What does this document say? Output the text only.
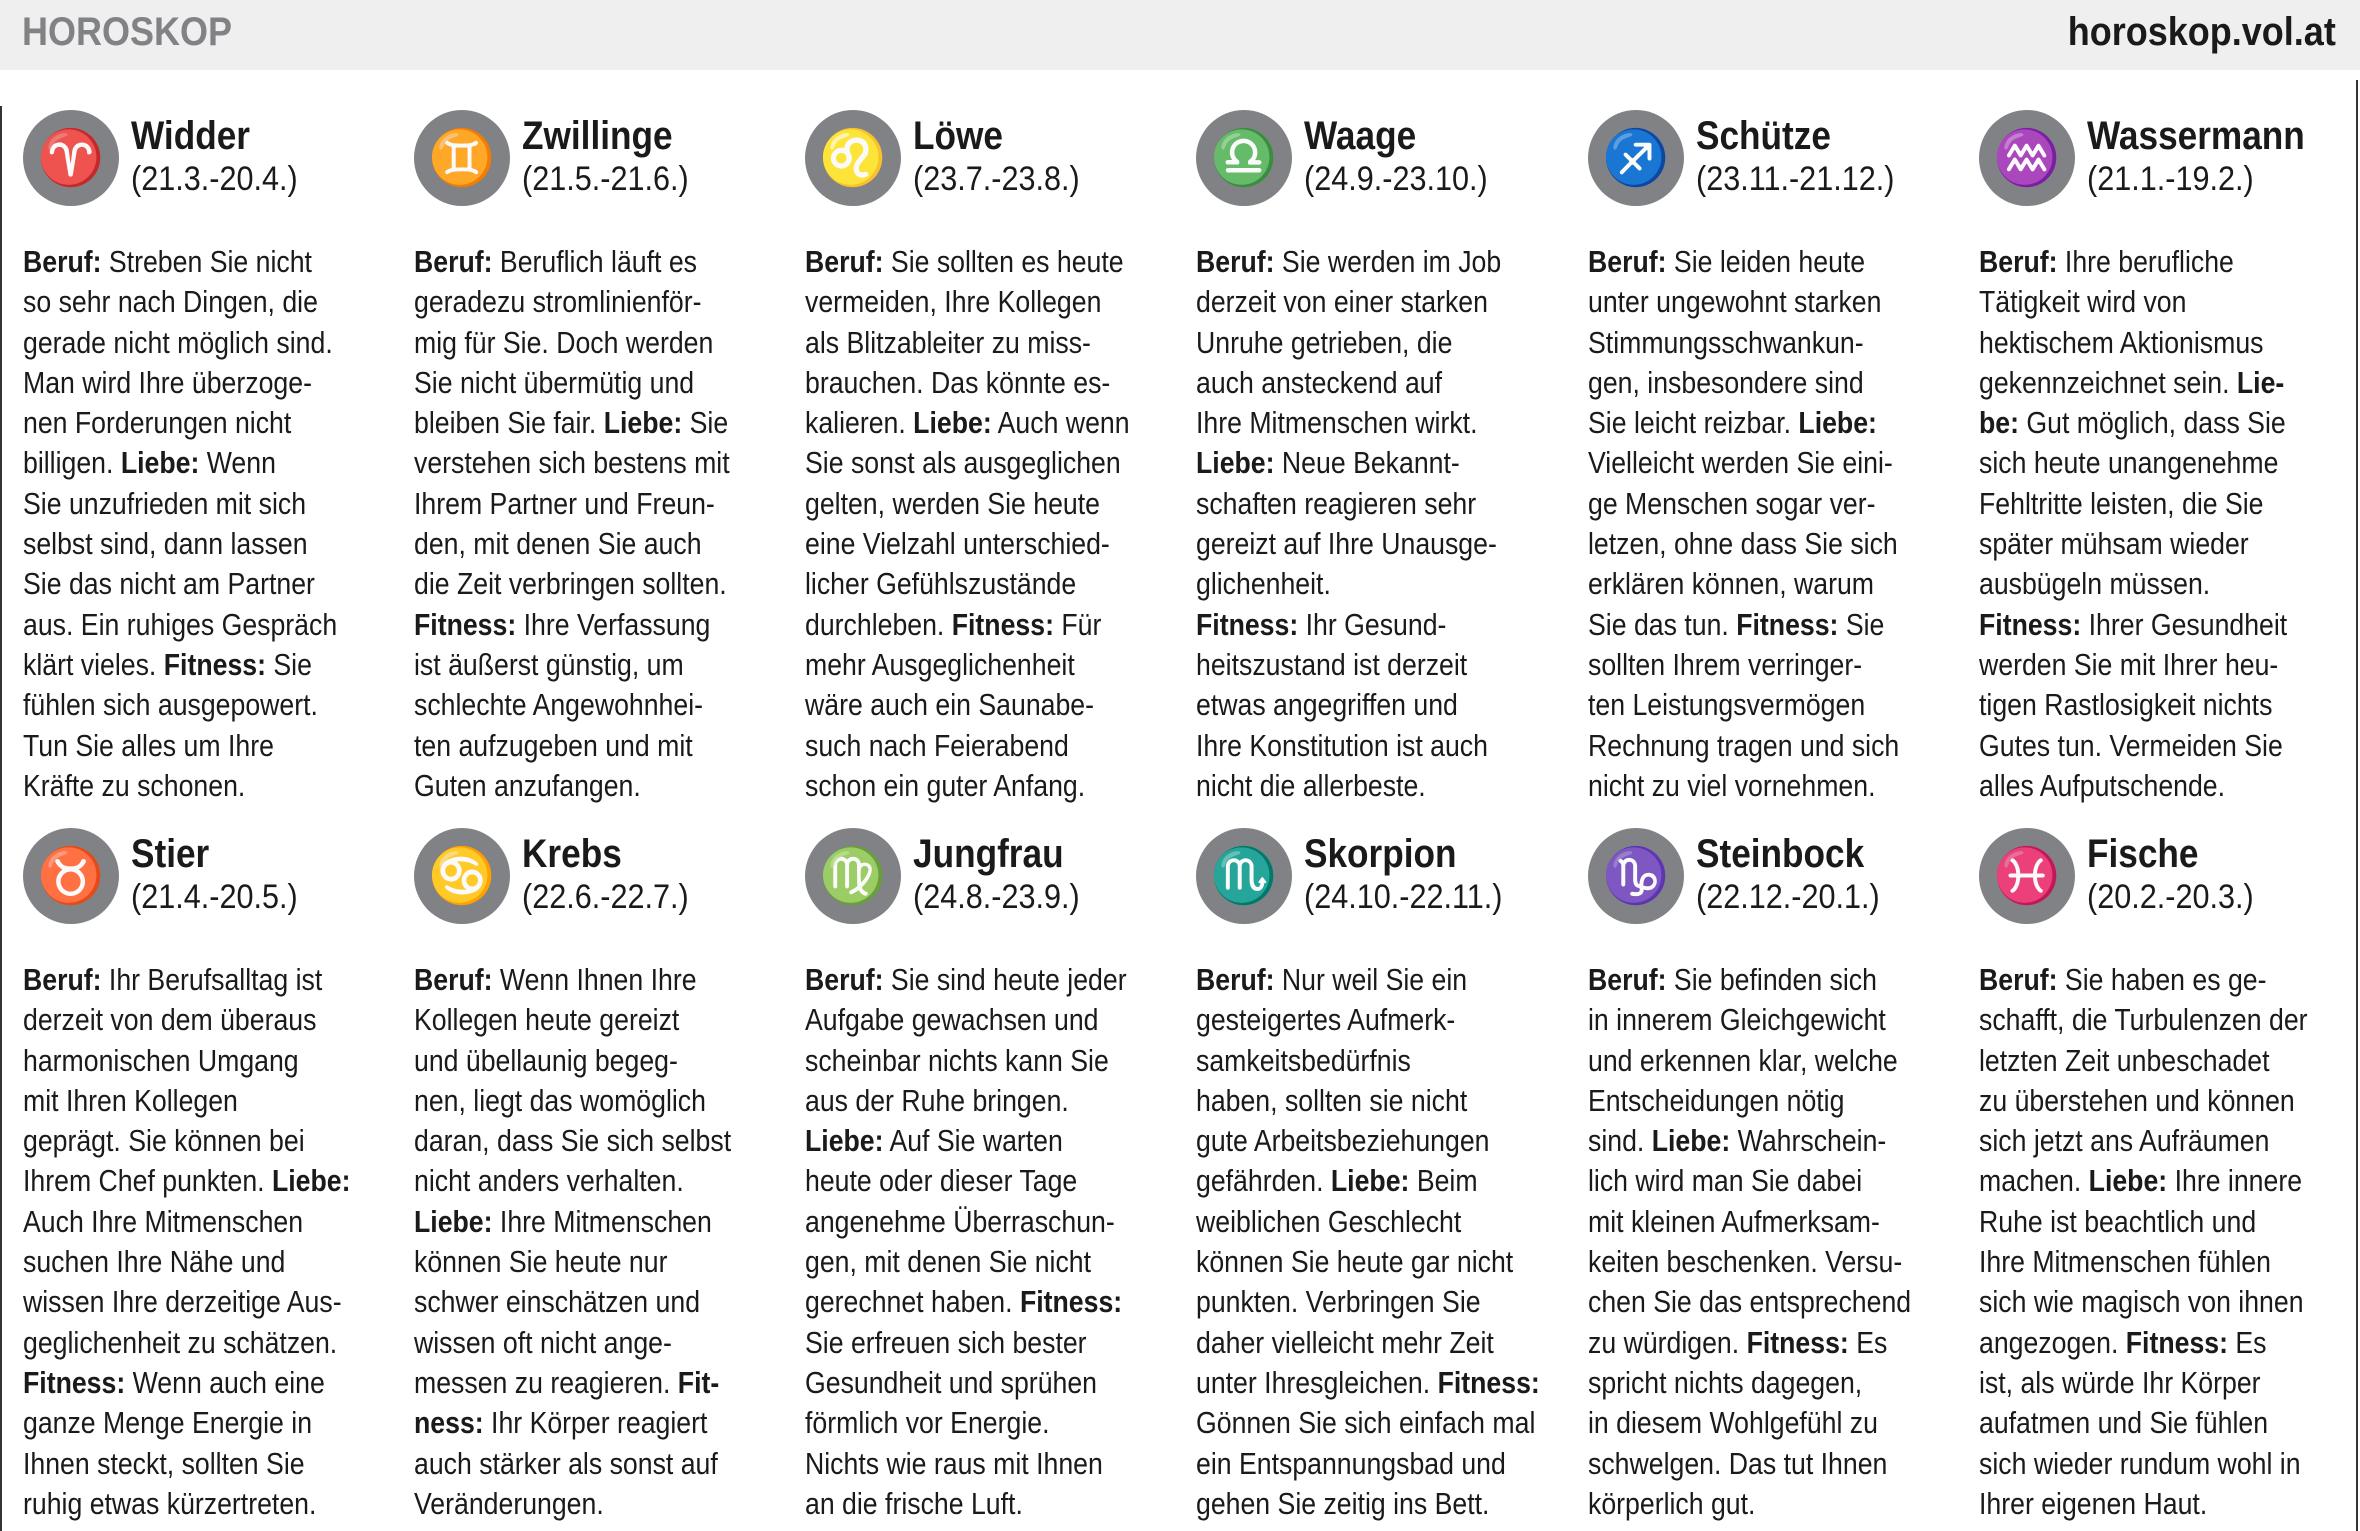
HOROSKOP	horoskop.vol.at
♈ Widder
(21.3.-20.4.)
Beruf: Streben Sie nicht
so sehr nach Dingen, die
gerade nicht möglich sind.
Man wird Ihre überzoge-
nen Forderungen nicht
billigen. Liebe: Wenn
Sie unzufrieden mit sich
selbst sind, dann lassen
Sie das nicht am Partner
aus. Ein ruhiges Gespräch
klärt vieles. Fitness: Sie
fühlen sich ausgepowert.
Tun Sie alles um Ihre
Kräfte zu schonen.
♊ Zwillinge
(21.5.-21.6.)
Beruf: Beruflich läuft es
geradezu stromlinienför-
mig für Sie. Doch werden
Sie nicht übermütig und
bleiben Sie fair. Liebe: Sie
verstehen sich bestens mit
Ihrem Partner und Freun-
den, mit denen Sie auch
die Zeit verbringen sollten.
Fitness: Ihre Verfassung
ist äußerst günstig, um
schlechte Angewohnhei-
ten aufzugeben und mit
Guten anzufangen.
♌ Löwe
(23.7.-23.8.)
Beruf: Sie sollten es heute
vermeiden, Ihre Kollegen
als Blitzableiter zu miss-
brauchen. Das könnte es-
kalieren. Liebe: Auch wenn
Sie sonst als ausgeglichen
gelten, werden Sie heute
eine Vielzahl unterschied-
licher Gefühlszustände
durchleben. Fitness: Für
mehr Ausgeglichenheit
wäre auch ein Saunabe-
such nach Feierabend
schon ein guter Anfang.
♎ Waage
(24.9.-23.10.)
Beruf: Sie werden im Job
derzeit von einer starken
Unruhe getrieben, die
auch ansteckend auf
Ihre Mitmenschen wirkt.
Liebe: Neue Bekannt-
schaften reagieren sehr
gereizt auf Ihre Unausge-
glichenheit.
Fitness: Ihr Gesund-
heitszustand ist derzeit
etwas angegriffen und
Ihre Konstitution ist auch
nicht die allerbeste.
♐ Schütze
(23.11.-21.12.)
Beruf: Sie leiden heute
unter ungewohnt starken
Stimmungsschwankun-
gen, insbesondere sind
Sie leicht reizbar. Liebe:
Vielleicht werden Sie eini-
ge Menschen sogar ver-
letzen, ohne dass Sie sich
erklären können, warum
Sie das tun. Fitness: Sie
sollten Ihrem verringer-
ten Leistungsvermögen
Rechnung tragen und sich
nicht zu viel vornehmen.
♒ Wassermann
(21.1.-19.2.)
Beruf: Ihre berufliche
Tätigkeit wird von
hektischem Aktionismus
gekennzeichnet sein. Lie-
be: Gut möglich, dass Sie
sich heute unangenehme
Fehltritte leisten, die Sie
später mühsam wieder
ausbügeln müssen.
Fitness: Ihrer Gesundheit
werden Sie mit Ihrer heu-
tigen Rastlosigkeit nichts
Gutes tun. Vermeiden Sie
alles Aufputschende.
♉ Stier
(21.4.-20.5.)
Beruf: Ihr Berufsalltag ist
derzeit von dem überaus
harmonischen Umgang
mit Ihren Kollegen
geprägt. Sie können bei
Ihrem Chef punkten. Liebe:
Auch Ihre Mitmenschen
suchen Ihre Nähe und
wissen Ihre derzeitige Aus-
geglichenheit zu schätzen.
Fitness: Wenn auch eine
ganze Menge Energie in
Ihnen steckt, sollten Sie
ruhig etwas kürzertreten.
♋ Krebs
(22.6.-22.7.)
Beruf: Wenn Ihnen Ihre
Kollegen heute gereizt
und übellaunig begeg-
nen, liegt das womöglich
daran, dass Sie sich selbst
nicht anders verhalten.
Liebe: Ihre Mitmenschen
können Sie heute nur
schwer einschätzen und
wissen oft nicht ange-
messen zu reagieren. Fit-
ness: Ihr Körper reagiert
auch stärker als sonst auf
Veränderungen.
♍ Jungfrau
(24.8.-23.9.)
Beruf: Sie sind heute jeder
Aufgabe gewachsen und
scheinbar nichts kann Sie
aus der Ruhe bringen.
Liebe: Auf Sie warten
heute oder dieser Tage
angenehme Überraschun-
gen, mit denen Sie nicht
gerechnet haben. Fitness:
Sie erfreuen sich bester
Gesundheit und sprühen
förmlich vor Energie.
Nichts wie raus mit Ihnen
an die frische Luft.
♏ Skorpion
(24.10.-22.11.)
Beruf: Nur weil Sie ein
gesteigertes Aufmerk-
samkeitsbedürfnis
haben, sollten sie nicht
gute Arbeitsbeziehungen
gefährden. Liebe: Beim
weiblichen Geschlecht
können Sie heute gar nicht
punkten. Verbringen Sie
daher vielleicht mehr Zeit
unter Ihresgleichen. Fitness:
Gönnen Sie sich einfach mal
ein Entspannungsbad und
gehen Sie zeitig ins Bett.
♑ Steinbock
(22.12.-20.1.)
Beruf: Sie befinden sich
in innerem Gleichgewicht
und erkennen klar, welche
Entscheidungen nötig
sind. Liebe: Wahrschein-
lich wird man Sie dabei
mit kleinen Aufmerksam-
keiten beschenken. Versu-
chen Sie das entsprechend
zu würdigen. Fitness: Es
spricht nichts dagegen,
in diesem Wohlgefühl zu
schwelgen. Das tut Ihnen
körperlich gut.
♓ Fische
(20.2.-20.3.)
Beruf: Sie haben es ge-
schafft, die Turbulenzen der
letzten Zeit unbeschadet
zu überstehen und können
sich jetzt ans Aufräumen
machen. Liebe: Ihre innere
Ruhe ist beachtlich und
Ihre Mitmenschen fühlen
sich wie magisch von ihnen
angezogen. Fitness: Es
ist, als würde Ihr Körper
aufatmen und Sie fühlen
sich wieder rundum wohl in
Ihrer eigenen Haut.
